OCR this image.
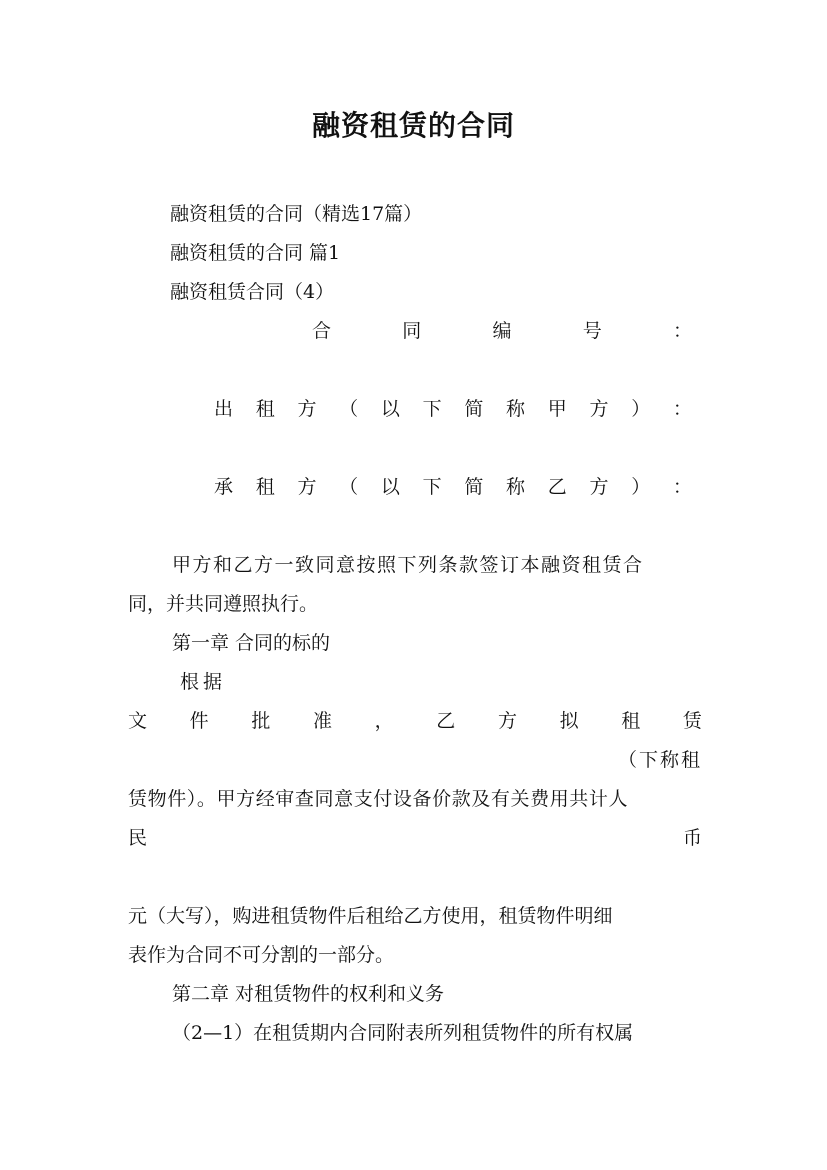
融资租赁的合同
融资租赁的合同（精选17篇）
融资租赁的合同 篇1
融资租赁合同（4）
合	同	编	号	：
出 租 方 （ 以 下 简 称 甲 方 ） ：
承 租 方 （ 以 下 简 称 乙 方 ） ：
甲方和乙方一致同意按照下列条款签订本融资租赁合
同，并共同遵照执行。
第一章 合同的标的
根据
文 件 批 准 ， 乙 方 拟 租 赁
（下称租
赁物件）。甲方经审查同意支付设备价款及有关费用共计人
民	币
元（大写），购进租赁物件后租给乙方使用，租赁物件明细
表作为合同不可分割的一部分。
第二章 对租赁物件的权利和义务
（2—1）在租赁期内合同附表所列租赁物件的所有权属
